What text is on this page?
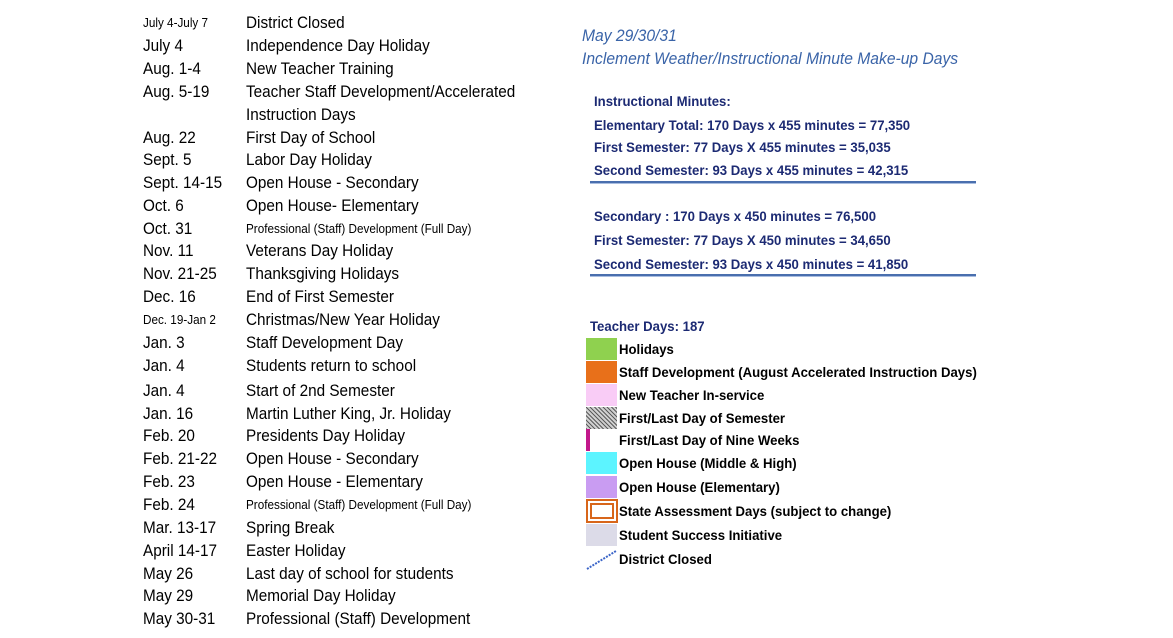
July 4-July 7 District Closed
July 4	Independence Day Holiday
Aug. 1-4	New Teacher Training
Aug. 5-19 Teacher Staff Development/Accelerated
Instruction Days
Aug. 22	First Day of School
Sept. 5	Labor Day Holiday
Sept. 14-15 Open House - Secondary
Oct. 6	Open House- Elementary
Oct. 31	Professional (Staff) Development (Full Day)
Nov. 11	Veterans Day Holiday
Nov. 21-25 Thanksgiving Holidays
Dec. 16	End of First Semester
Dec. 19-Jan 2 Christmas/New Year Holiday
Jan. 3	Staff Development Day
Jan. 4	Students return to school
Jan. 4	Start of 2nd Semester
Jan. 16	Martin Luther King, Jr. Holiday
Feb. 20	Presidents Day Holiday
Feb. 21-22 Open House - Secondary
Feb. 23	Open House - Elementary
Feb. 24	Professional (Staff) Development (Full Day)
Mar. 13-17 Spring Break
April 14-17 Easter Holiday
May 26	Last day of school for students
May 29	Memorial Day Holiday
May 30-31 Professional (Staff) Development
May 29/30/31
Inclement Weather/Instructional Minute Make-up Days
Instructional Minutes:
Elementary Total: 170 Days x 455 minutes = 77,350
First Semester: 77 Days X 455 minutes = 35,035
Second Semester: 93 Days x 455 minutes = 42,315
Secondary : 170 Days x 450 minutes = 76,500
First Semester: 77 Days X 450 minutes = 34,650
Second Semester: 93 Days x 450 minutes = 41,850
Teacher Days: 187
Holidays
Staff Development (August Accelerated Instruction Days)
New Teacher In-service
First/Last Day of Semester
First/Last Day of Nine Weeks
Open House (Middle & High)
Open House (Elementary)
State Assessment Days (subject to change)
Student Success Initiative
District Closed
